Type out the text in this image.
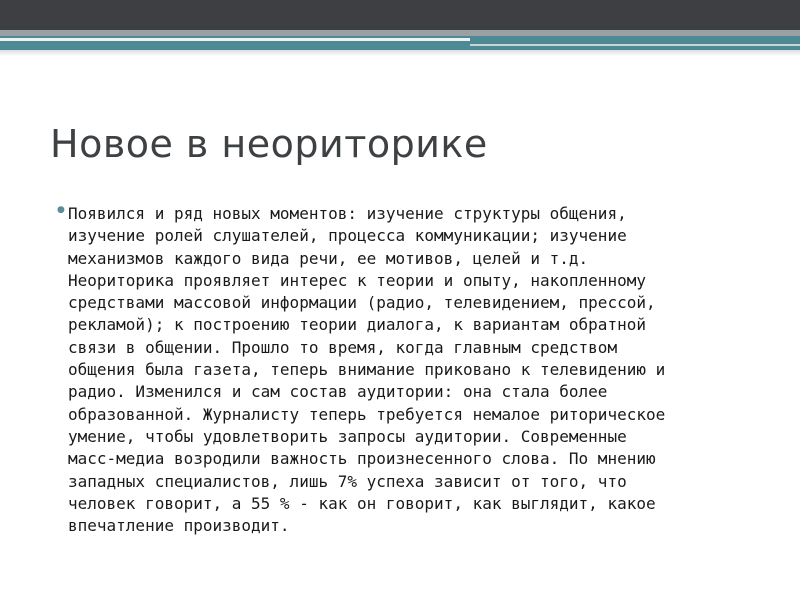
Новое в неориторике
● Появился и ряд новых моментов: изучение структуры общения,
изучение ролей слушателей, процесса коммуникации; изучение
механизмов каждого вида речи, ее мотивов, целей и т.д.
Неориторика проявляет интерес к теории и опыту, накопленному
средствами массовой информации (радио, телевидением, прессой,
рекламой); к построению теории диалога, к вариантам обратной
связи в общении. Прошло то время, когда главным средством
общения была газета, теперь внимание приковано к телевидению и
радио. Изменился и сам состав аудитории: она стала более
образованной. Журналисту теперь требуется немалое риторическое
умение, чтобы удовлетворить запросы аудитории. Современные
масс-медиа возродили важность произнесенного слова. По мнению
западных специалистов, лишь 7% успеха зависит от того, что
человек говорит, а 55 % - как он говорит, как выглядит, какое
впечатление производит.
